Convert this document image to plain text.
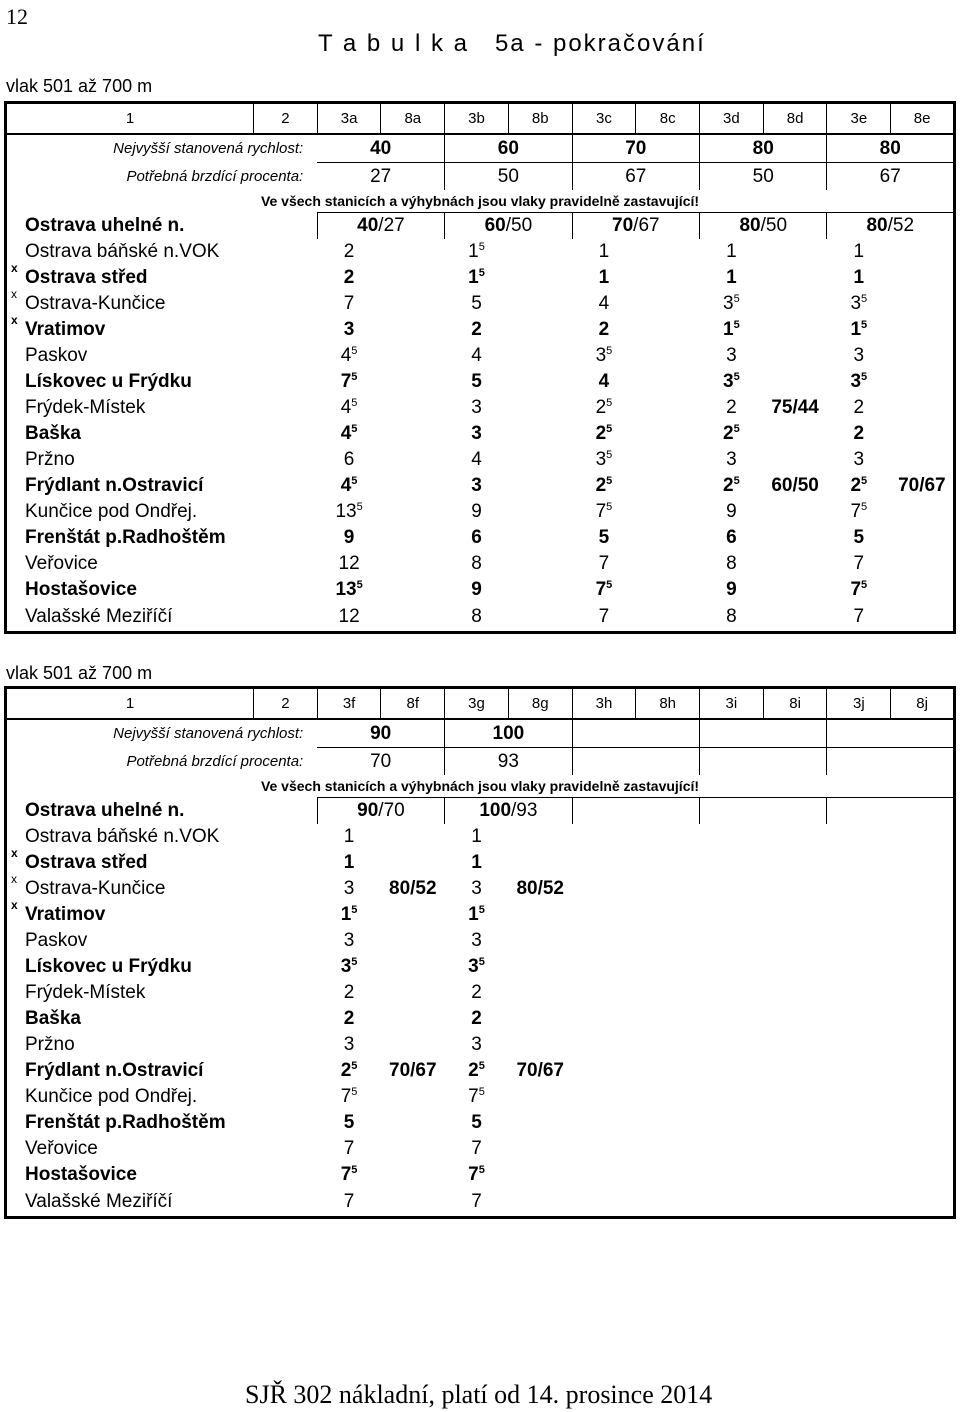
12
T a b u l k a   5a - pokračování
vlak 501 až 700 m
1	2	3a	8a	3b	8b	3c	8c	3d	8d	3e	8e
Nejvyšší stanovená rychlost:		40		60		70		80		80	
Potřebná brzdící procenta:		27		50		67		50		67	
Ve všech stanicích a výhybnách jsou vlaky pravidelně zastavující!											
Ostrava uhelné n.		40/27		60/50		70/67		80/50		80/52	
Ostrava báňské n.VOK		2		$1^5$		1		1		1	

x Ostrava střed		2		$1^5$		1		1		1	

x Ostrava-Kunčice		7		5		4		$3^5$		$3^5$	

x Vratimov		3		2		2		$1^5$		$1^5$	
Paskov		$4^5$		4		$3^5$		3		3	
Lískovec u Frýdku		$7^5$		5		4		$3^5$		$3^5$	
Frýdek-Místek		$4^5$		3		$2^5$		2	75/44	2	
Baška		$4^5$		3		$2^5$		$2^5$		2	
Pržno		6		4		$3^5$		3		3	
Frýdlant n.Ostravicí		$4^5$		3		$2^5$		$2^5$	60/50	$2^5$	70/67
Kunčice pod Ondřej.		$13^5$		9		$7^5$		9		$7^5$	
Frenštát p.Radhoštěm		9		6		5		6		5	
Veřovice		12		8		7		8		7	
Hostašovice		$13^5$		9		$7^5$		9		$7^5$	
Valašské Meziříčí		12		8		7		8		7	
vlak 501 až 700 m
1	2	3f	8f	3g	8g	3h	8h	3i	8i	3j	8j
Nejvyšší stanovená rychlost:		90		100							
Potřebná brzdící procenta:		70		93							
Ve všech stanicích a výhybnách jsou vlaky pravidelně zastavující!											
Ostrava uhelné n.		90/70		100/93							
Ostrava báňské n.VOK		1		1							

x Ostrava střed		1		1							

x Ostrava-Kunčice		3	80/52	3	80/52						

x Vratimov		$1^5$		$1^5$							
Paskov		3		3							
Lískovec u Frýdku		$3^5$		$3^5$							
Frýdek-Místek		2		2							
Baška		2		2							
Pržno		3		3							
Frýdlant n.Ostravicí		$2^5$	70/67	$2^5$	70/67						
Kunčice pod Ondřej.		$7^5$		$7^5$							
Frenštát p.Radhoštěm		5		5							
Veřovice		7		7							
Hostašovice		$7^5$		$7^5$							
Valašské Meziříčí		7		7							
SJŘ 302 nákladní, platí od 14. prosince 2014
